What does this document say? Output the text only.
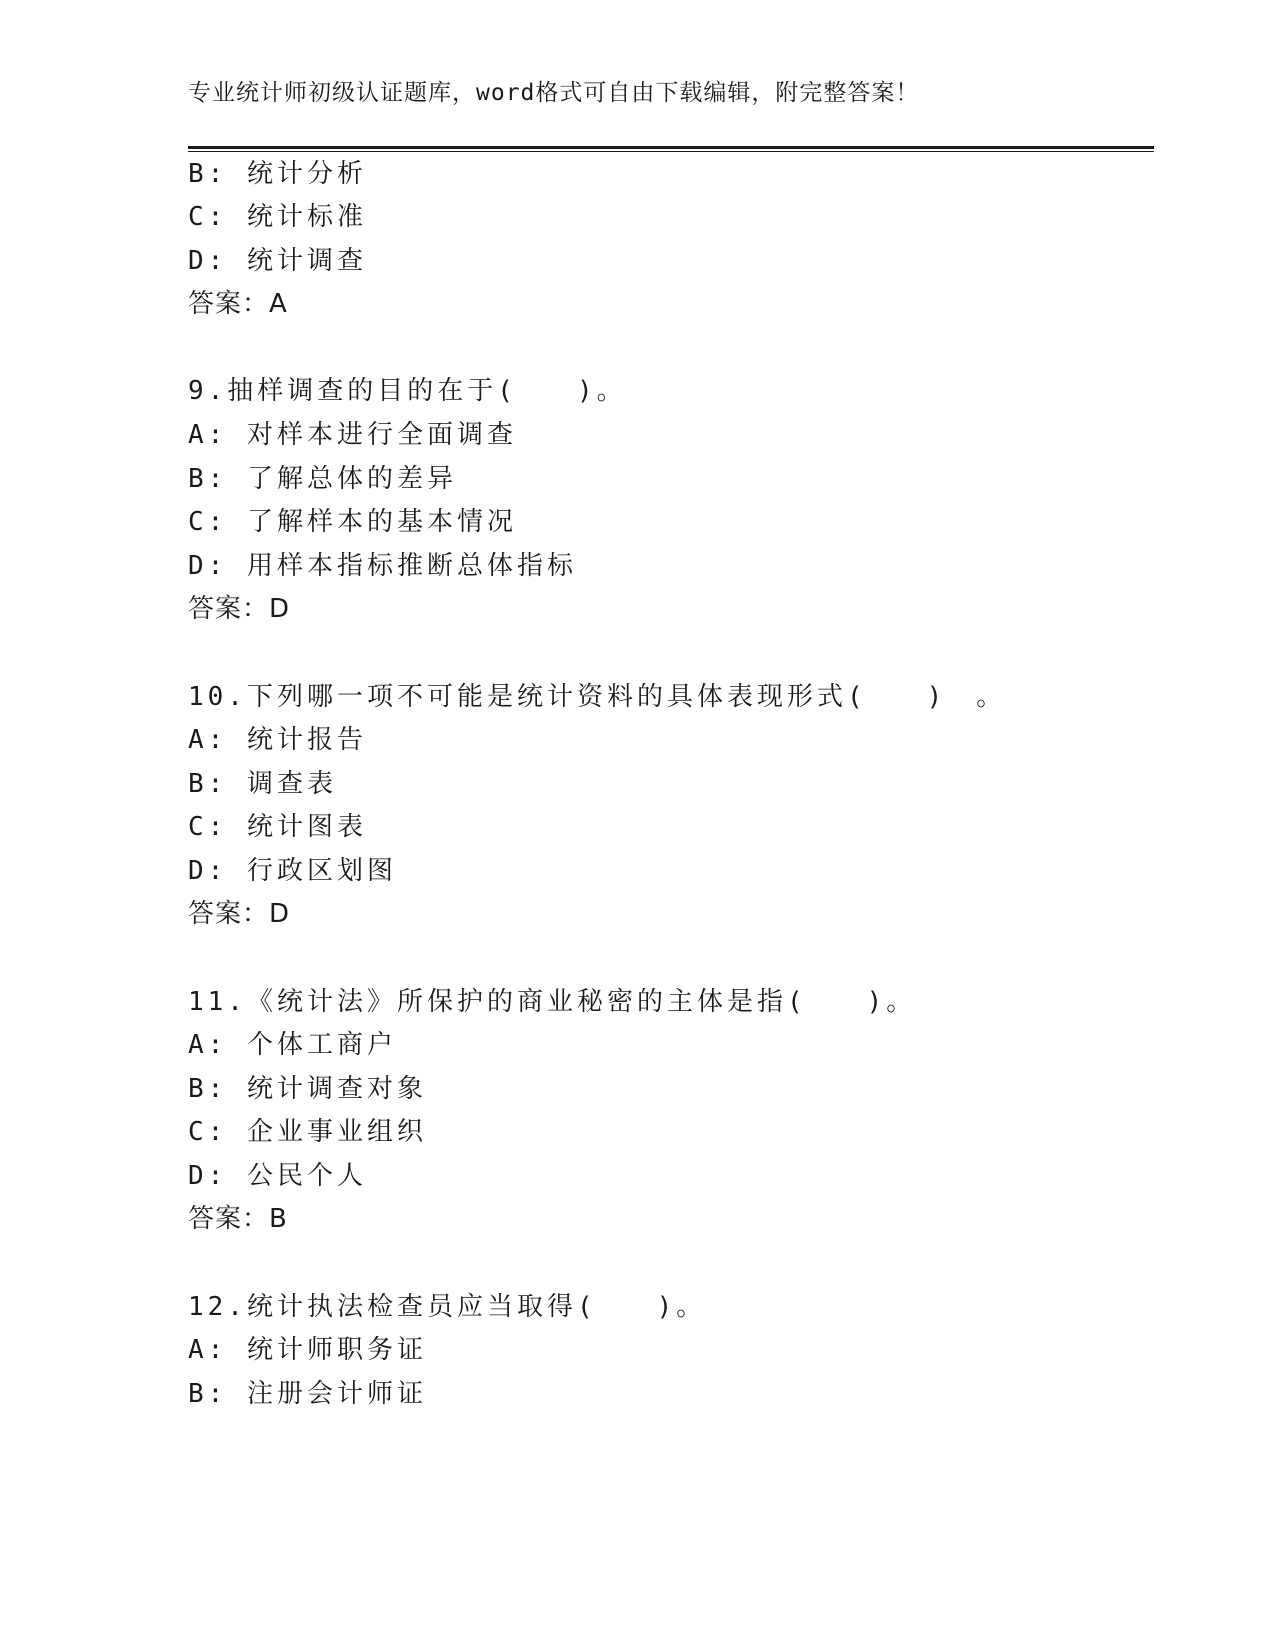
专业统计师初级认证题库，word格式可自由下载编辑，附完整答案！
B: 统计分析
C: 统计标准
D: 统计调查
答案：A
9.抽样调查的目的在于(　　)。
A: 对样本进行全面调查
B: 了解总体的差异
C: 了解样本的基本情况
D: 用样本指标推断总体指标
答案：D
10.下列哪一项不可能是统计资料的具体表现形式(　　)　。
A: 统计报告
B: 调查表
C: 统计图表
D: 行政区划图
答案：D
11.《统计法》所保护的商业秘密的主体是指(　　)。
A: 个体工商户
B: 统计调查对象
C: 企业事业组织
D: 公民个人
答案：B
12.统计执法检查员应当取得(　　)。
A: 统计师职务证
B: 注册会计师证
